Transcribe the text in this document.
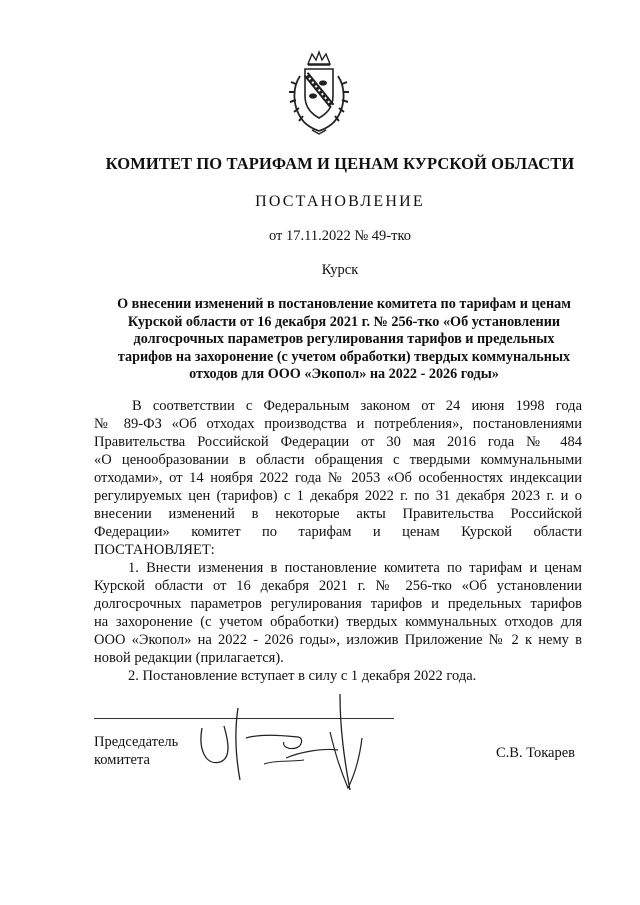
КОМИТЕТ ПО ТАРИФАМ И ЦЕНАМ КУРСКОЙ ОБЛАСТИ
ПОСТАНОВЛЕНИЕ
от 17.11.2022 № 49-тко
Курск
О внесении изменений в постановление комитета по тарифам и ценам
Курской области от 16 декабря 2021 г. № 256-тко «Об установлении
долгосрочных параметров регулирования тарифов и предельных
тарифов на захоронение (с учетом обработки) твердых коммунальных
отходов для ООО «Экопол» на 2022 - 2026 годы»
В соответствии с Федеральным законом от 24 июня 1998 года
№ 89-ФЗ «Об отходах производства и потребления», постановлениями
Правительства Российской Федерации от 30 мая 2016 года № 484
«О ценообразовании в области обращения с твердыми коммунальными
отходами», от 14 ноября 2022 года № 2053 «Об особенностях индексации
регулируемых цен (тарифов) с 1 декабря 2022 г. по 31 декабря 2023 г. и о
внесении изменений в некоторые акты Правительства Российской
Федерации» комитет по тарифам и ценам Курской области
ПОСТАНОВЛЯЕТ:
1. Внести изменения в постановление комитета по тарифам и ценам
Курской области от 16 декабря 2021 г. № 256-тко «Об установлении
долгосрочных параметров регулирования тарифов и предельных тарифов
на захоронение (с учетом обработки) твердых коммунальных отходов для
ООО «Экопол» на 2022 - 2026 годы», изложив Приложение № 2 к нему в
новой редакции (прилагается).
2. Постановление вступает в силу с 1 декабря 2022 года.
Председатель
комитета	С.В. Токарев
